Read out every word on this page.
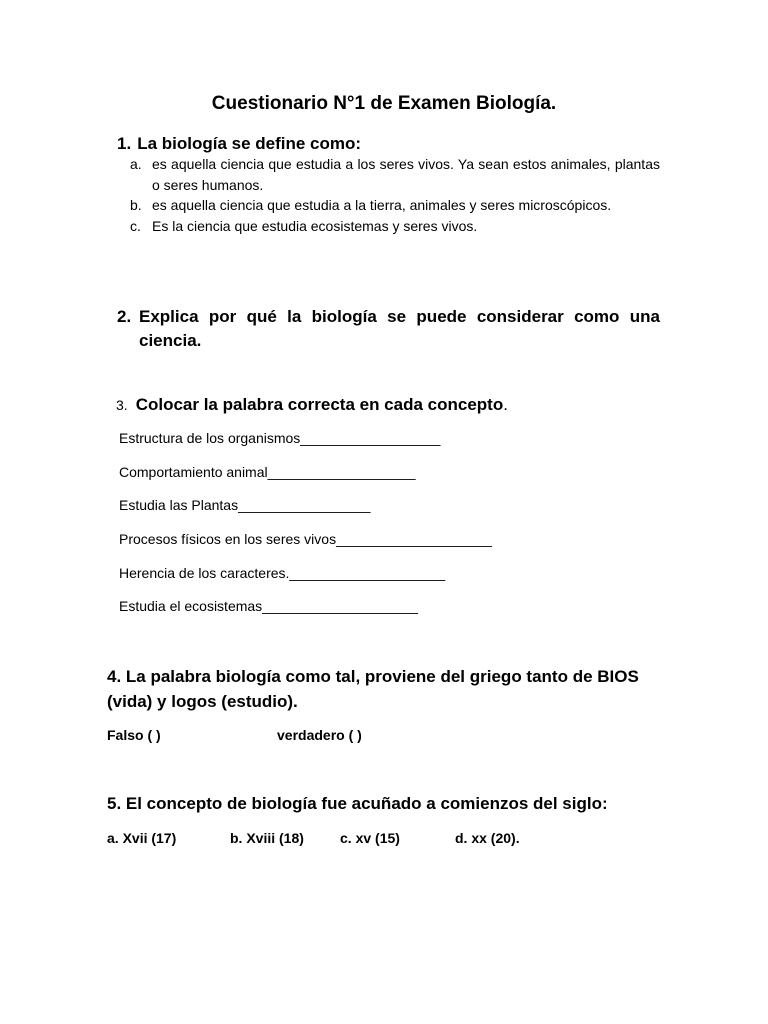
Cuestionario N°1 de Examen Biología.
1. La biología se define como:
a. es aquella ciencia que estudia a los seres vivos. Ya sean estos animales, plantas o seres humanos.
b. es aquella ciencia que estudia a la tierra, animales y seres microscópicos.
c. Es la ciencia que estudia ecosistemas y seres vivos.
2. Explica por qué la biología se puede considerar como una ciencia.
3. Colocar la palabra correcta en cada concepto.
Estructura de los organismos__________________
Comportamiento animal___________________
Estudia las Plantas_________________
Procesos físicos en los seres vivos____________________
Herencia de los caracteres.____________________
Estudia el ecosistemas____________________
4. La palabra biología como tal, proviene del griego tanto de BIOS (vida) y logos (estudio).
Falso ( )	verdadero ( )
5. El concepto de biología fue acuñado a comienzos del siglo:
a. Xvii (17)	b. Xviii (18)	c. xv (15)	d. xx (20).
